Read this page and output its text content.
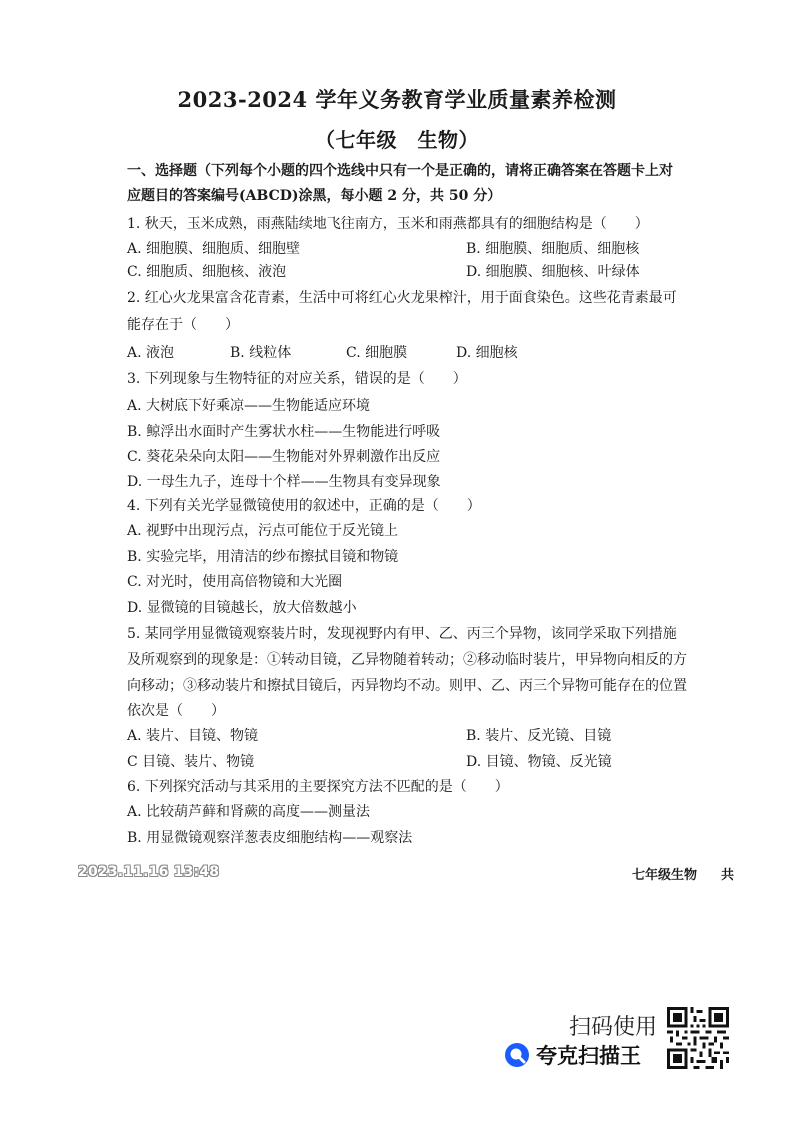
2023-2024 学年义务教育学业质量素养检测
（七年级　生物）
一、选择题（下列每个小题的四个选线中只有一个是正确的，请将正确答案在答题卡上对
应题目的答案编号(ABCD)涂黑，每小题 2 分，共 50 分）
1. 秋天，玉米成熟，雨燕陆续地飞往南方，玉米和雨燕都具有的细胞结构是（　　）
A. 细胞膜、细胞质、细胞壁	B. 细胞膜、细胞质、细胞核
C. 细胞质、细胞核、液泡	D. 细胞膜、细胞核、叶绿体
2. 红心火龙果富含花青素，生活中可将红心火龙果榨汁，用于面食染色。这些花青素最可
能存在于（　　）
A. 液泡	B. 线粒体	C. 细胞膜	D. 细胞核
3. 下列现象与生物特征的对应关系，错误的是（　　）
A. 大树底下好乘凉——生物能适应环境
B. 鲸浮出水面时产生雾状水柱——生物能进行呼吸
C. 葵花朵朵向太阳——生物能对外界刺激作出反应
D. 一母生九子，连母十个样——生物具有变异现象
4. 下列有关光学显微镜使用的叙述中，正确的是（　　）
A. 视野中出现污点，污点可能位于反光镜上
B. 实验完毕，用清洁的纱布擦拭目镜和物镜
C. 对光时，使用高倍物镜和大光圈
D. 显微镜的目镜越长，放大倍数越小
5. 某同学用显微镜观察装片时，发现视野内有甲、乙、丙三个异物，该同学采取下列措施
及所观察到的现象是：①转动目镜，乙异物随着转动；②移动临时装片，甲异物向相反的方
向移动；③移动装片和擦拭目镜后，丙异物均不动。则甲、乙、丙三个异物可能存在的位置
依次是（　　）
A. 装片、目镜、物镜	B. 装片、反光镜、目镜
C 目镜、装片、物镜	D. 目镜、物镜、反光镜
6. 下列探究活动与其采用的主要探究方法不匹配的是（　　）
A. 比较葫芦藓和肾蕨的高度——测量法
B. 用显微镜观察洋葱表皮细胞结构——观察法
2023.11.16 13:48	七年级生物 共
扫码使用
夸克扫描王
